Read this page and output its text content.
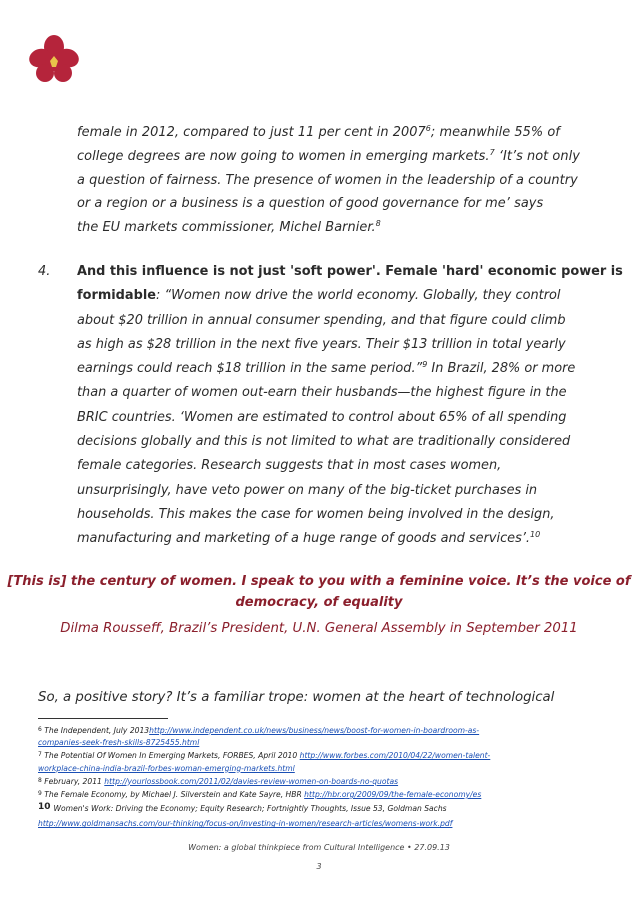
female in 2012, compared to just 11 per cent in 2007$^6$; meanwhile 55% of
college degrees are now going to women in emerging markets.$^7$ ‘It’s not only
a question of fairness. The presence of women in the leadership of a country
or a region or a business is a question of good governance for me’ says
the EU markets commissioner, Michel Barnier.$^8$
4. And this influence is not just 'soft power'. Female 'hard' economic power is
formidable: “Women now drive the world economy. Globally, they control
about $20 trillion in annual consumer spending, and that figure could climb
as high as $28 trillion in the next five years. Their $13 trillion in total yearly
earnings could reach $18 trillion in the same period.”$^9$ In Brazil, 28% or more
than a quarter of women out-earn their husbands—the highest figure in the
BRIC countries. ‘Women are estimated to control about 65% of all spending
decisions globally and this is not limited to what are traditionally considered
female categories. Research suggests that in most cases women,
unsurprisingly, have veto power on many of the big-ticket purchases in
households. This makes the case for women being involved in the design,
manufacturing and marketing of a huge range of goods and services’.$^{10}$
[This is] the century of women. I speak to you with a feminine voice. It’s the voice of
democracy, of equality
Dilma Rousseff, Brazil’s President, U.N. General Assembly in September 2011
So, a positive story? It’s a familiar trope: women at the heart of technological
$^6$ The Independent, July 2013http://www.independent.co.uk/news/business/news/boost-for-women-in-boardroom-as-
companies-seek-fresh-skills-8725455.html
$^7$ The Potential Of Women In Emerging Markets, FORBES, April 2010 http://www.forbes.com/2010/04/22/women-talent-
workplace-china-india-brazil-forbes-woman-emerging-markets.html
$^8$ February, 2011 http://yourlossbook.com/2011/02/davies-review-women-on-boards-no-quotas
$^9$ The Female Economy, by Michael J. Silverstein and Kate Sayre, HBR http://hbr.org/2009/09/the-female-economy/es
10 Women's Work: Driving the Economy; Equity Research; Fortnightly Thoughts, Issue 53, Goldman Sachs
http://www.goldmansachs.com/our-thinking/focus-on/investing-in-women/research-articles/womens-work.pdf
Women: a global thinkpiece from Cultural Intelligence • 27.09.13
3
